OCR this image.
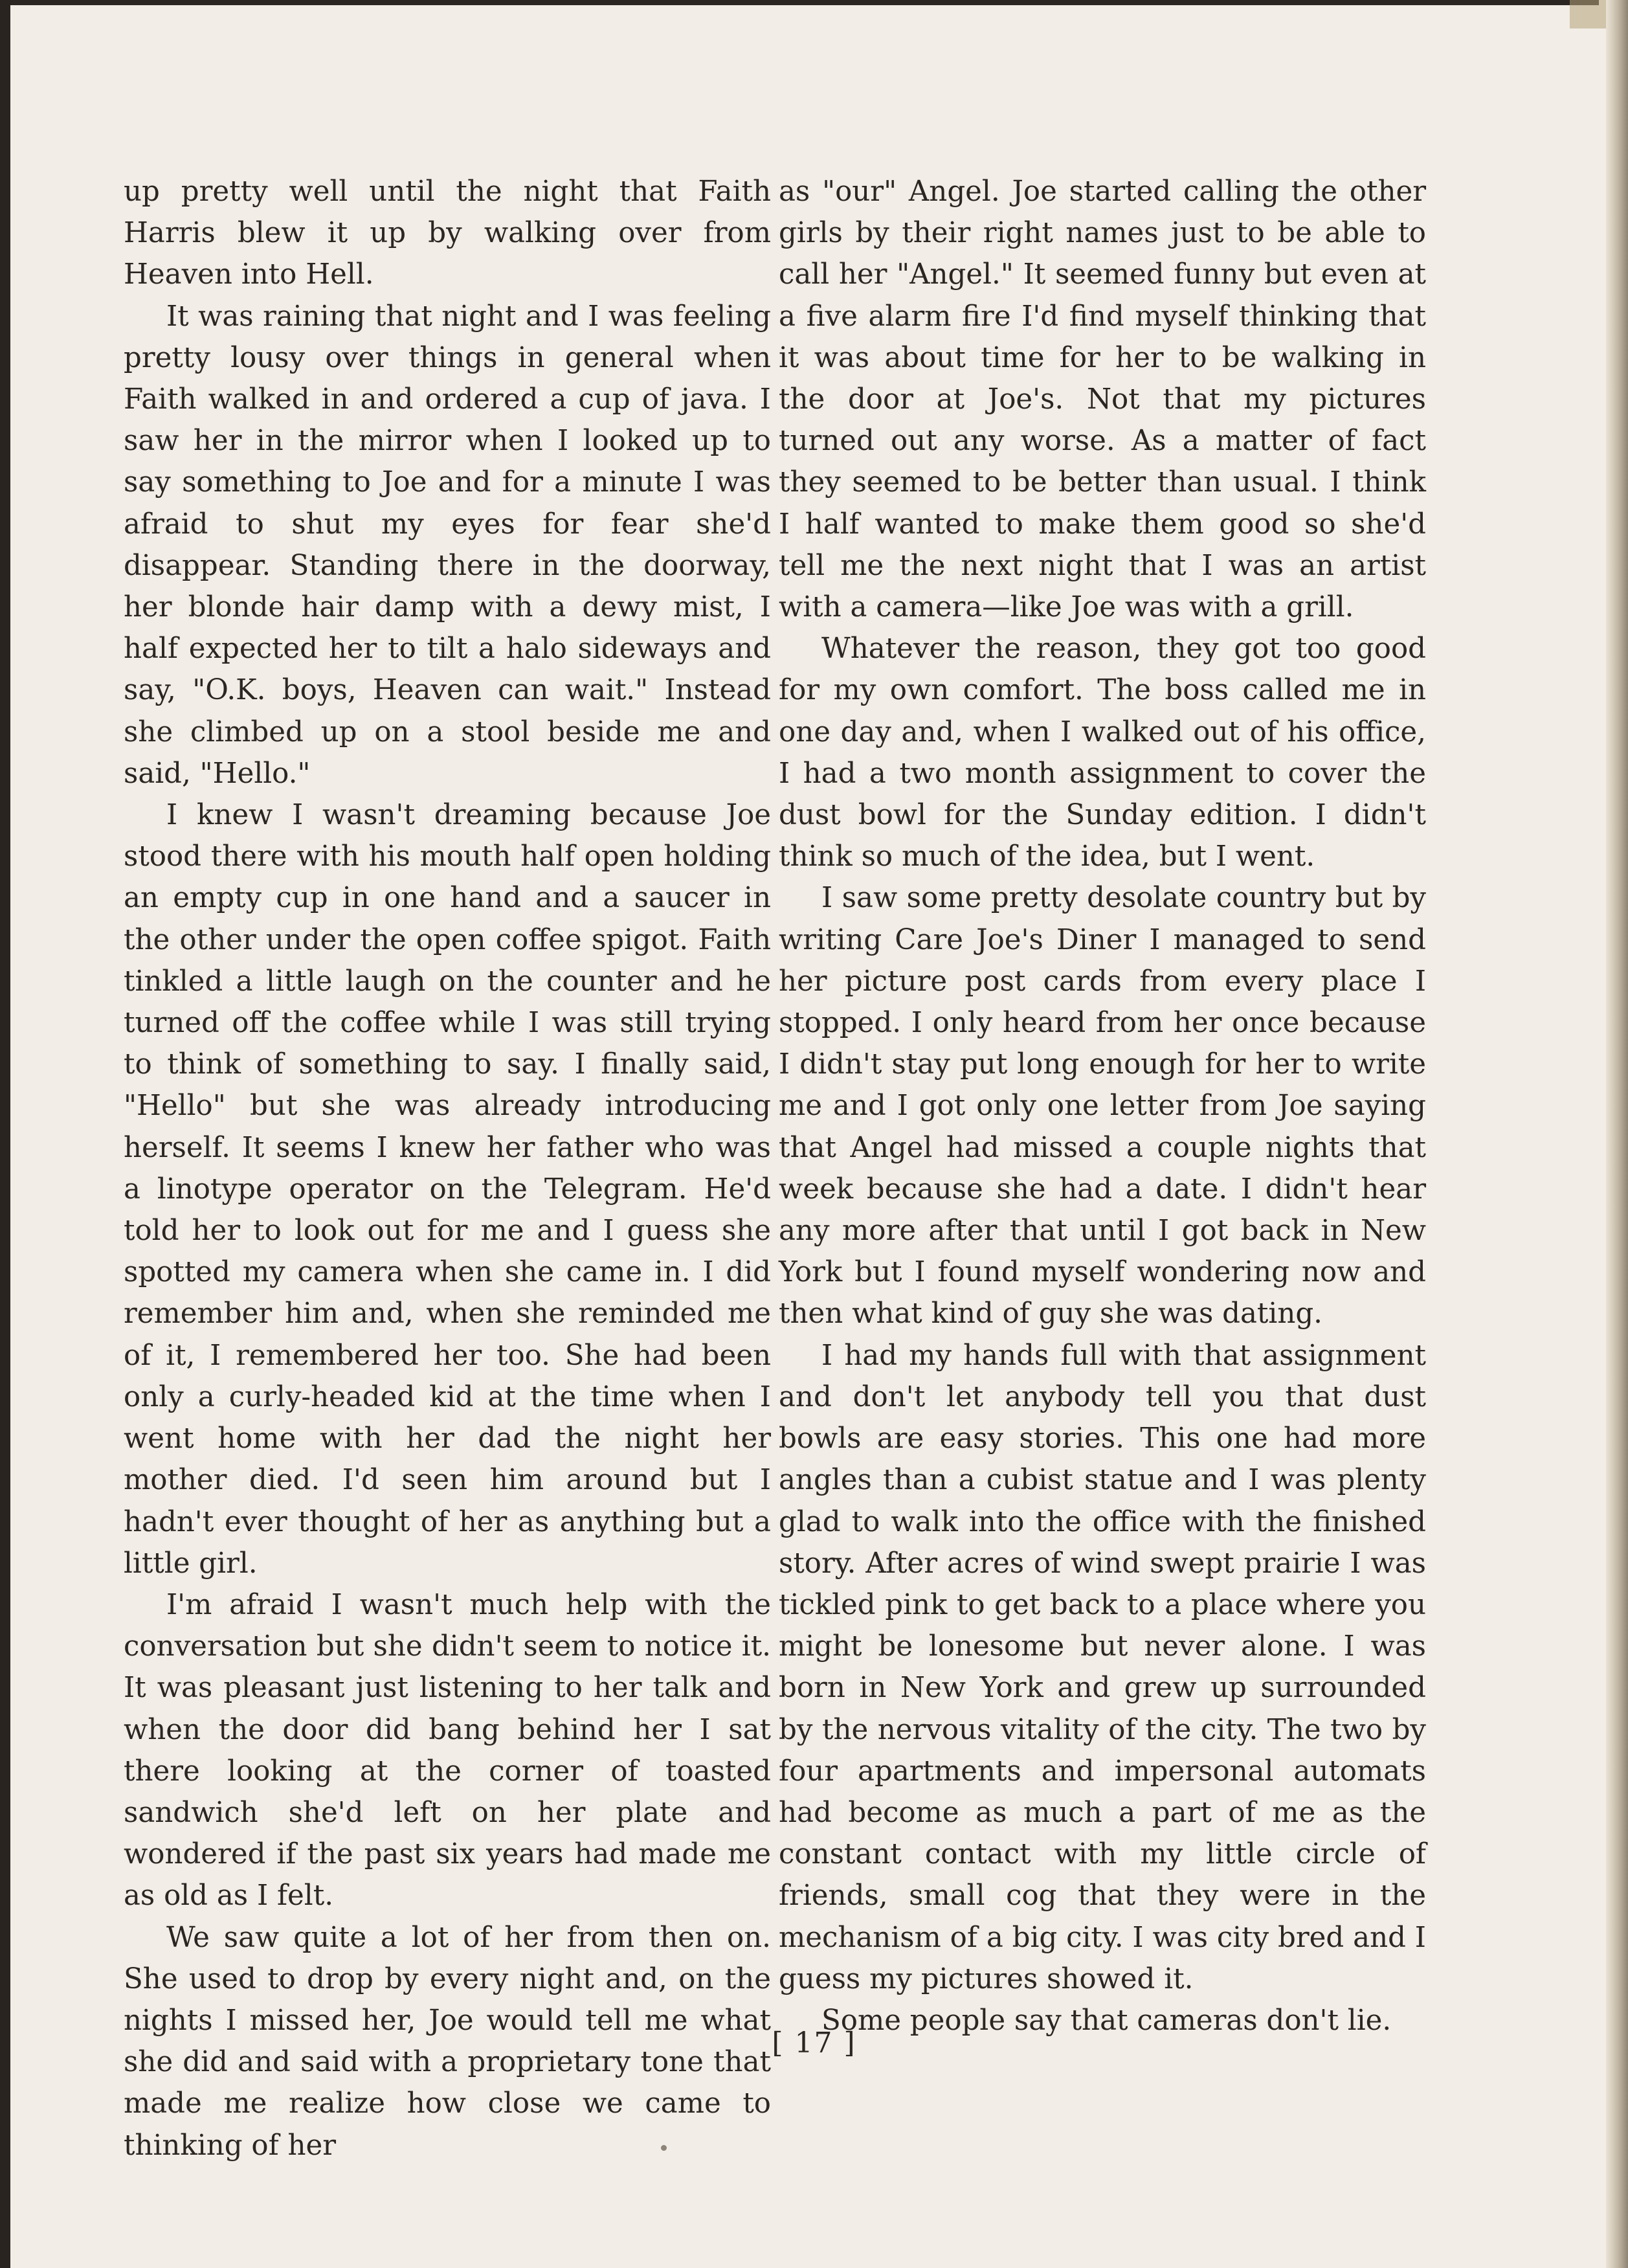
up pretty well until the night that Faith Harris blew it up by walking over from Heaven into Hell.

It was raining that night and I was feeling pretty lousy over things in general when Faith walked in and ordered a cup of java. I saw her in the mirror when I looked up to say something to Joe and for a minute I was afraid to shut my eyes for fear she'd disappear. Standing there in the doorway, her blonde hair damp with a dewy mist, I half expected her to tilt a halo sideways and say, "O.K. boys, Heaven can wait." Instead she climbed up on a stool beside me and said, "Hello."

I knew I wasn't dreaming because Joe stood there with his mouth half open holding an empty cup in one hand and a saucer in the other under the open coffee spigot. Faith tinkled a little laugh on the counter and he turned off the coffee while I was still trying to think of something to say. I finally said, "Hello" but she was already introducing herself. It seems I knew her father who was a linotype operator on the Telegram. He'd told her to look out for me and I guess she spotted my camera when she came in. I did remember him and, when she reminded me of it, I remembered her too. She had been only a curly-headed kid at the time when I went home with her dad the night her mother died. I'd seen him around but I hadn't ever thought of her as anything but a little girl.

I'm afraid I wasn't much help with the conversation but she didn't seem to notice it. It was pleasant just listening to her talk and when the door did bang behind her I sat there looking at the corner of toasted sandwich she'd left on her plate and wondered if the past six years had made me as old as I felt.

We saw quite a lot of her from then on. She used to drop by every night and, on the nights I missed her, Joe would tell me what she did and said with a proprietary tone that made me realize how close we came to thinking of her

as "our" Angel. Joe started calling the other girls by their right names just to be able to call her "Angel." It seemed funny but even at a five alarm fire I'd find myself thinking that it was about time for her to be walking in the door at Joe's. Not that my pictures turned out any worse. As a matter of fact they seemed to be better than usual. I think I half wanted to make them good so she'd tell me the next night that I was an artist with a camera—like Joe was with a grill.

Whatever the reason, they got too good for my own comfort. The boss called me in one day and, when I walked out of his office, I had a two month assignment to cover the dust bowl for the Sunday edition. I didn't think so much of the idea, but I went.

I saw some pretty desolate country but by writing Care Joe's Diner I managed to send her picture post cards from every place I stopped. I only heard from her once because I didn't stay put long enough for her to write me and I got only one letter from Joe saying that Angel had missed a couple nights that week because she had a date. I didn't hear any more after that until I got back in New York but I found myself wondering now and then what kind of guy she was dating.

I had my hands full with that assignment and don't let anybody tell you that dust bowls are easy stories. This one had more angles than a cubist statue and I was plenty glad to walk into the office with the finished story. After acres of wind swept prairie I was tickled pink to get back to a place where you might be lonesome but never alone. I was born in New York and grew up surrounded by the nervous vitality of the city. The two by four apartments and impersonal automats had become as much a part of me as the constant contact with my little circle of friends, small cog that they were in the mechanism of a big city. I was city bred and I guess my pictures showed it.

Some people say that cameras don't lie.

[ 17 ]
